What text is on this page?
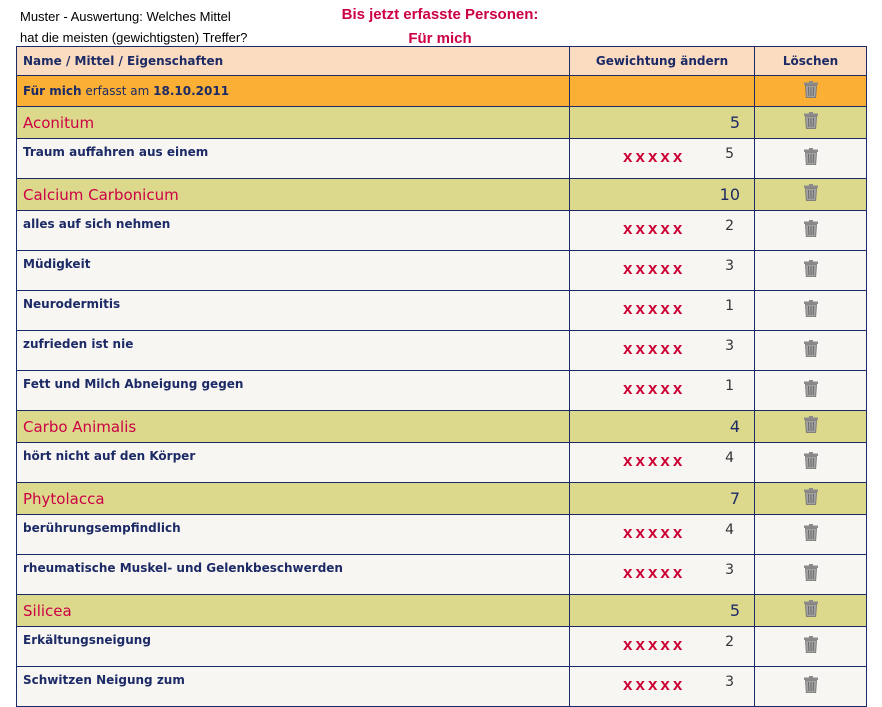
Muster - Auswertung: Welches Mittel
hat die meisten (gewichtigsten) Treffer?
Bis jetzt erfasste Personen:
Für mich
Name / Mittel / Eigenschaften	Gewichtung ändern	Löschen
Für mich erfasst am 18.10.2011		
Aconitum	5	
Traum auffahren aus einem	xxxxx 5

Calcium Carbonicum	10	
alles auf sich nehmen	xxxxx 2

Müdigkeit	xxxxx 3

Neurodermitis	xxxxx 1

zufrieden ist nie	xxxxx 3

Fett und Milch Abneigung gegen	xxxxx 1

Carbo Animalis	4	
hört nicht auf den Körper	xxxxx 4

Phytolacca	7	
berührungsempfindlich	xxxxx 4

rheumatische Muskel- und Gelenkbeschwerden	xxxxx 3

Silicea	5	
Erkältungsneigung	xxxxx 2

Schwitzen Neigung zum	xxxxx 3
